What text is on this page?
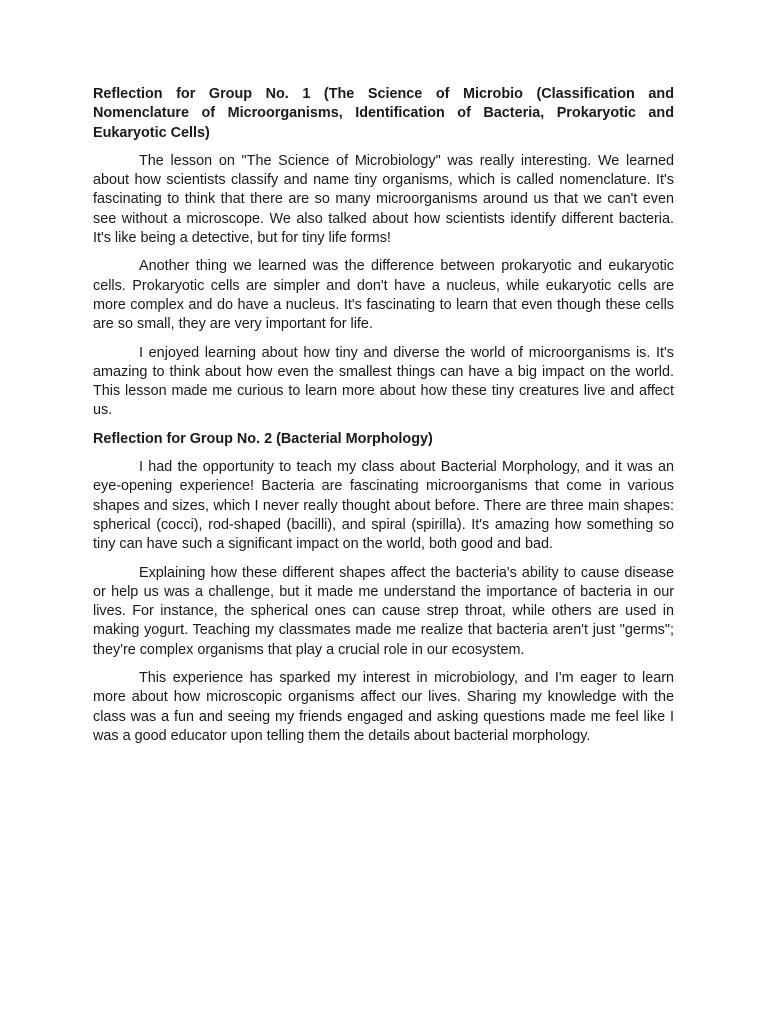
Reflection for Group No. 1 (The Science of Microbio (Classification and Nomenclature of Microorganisms, Identification of Bacteria, Prokaryotic and Eukaryotic Cells)

The lesson on "The Science of Microbiology" was really interesting. We learned about how scientists classify and name tiny organisms, which is called nomenclature. It's fascinating to think that there are so many microorganisms around us that we can't even see without a microscope. We also talked about how scientists identify different bacteria. It's like being a detective, but for tiny life forms!

Another thing we learned was the difference between prokaryotic and eukaryotic cells. Prokaryotic cells are simpler and don't have a nucleus, while eukaryotic cells are more complex and do have a nucleus. It's fascinating to learn that even though these cells are so small, they are very important for life.

I enjoyed learning about how tiny and diverse the world of microorganisms is. It's amazing to think about how even the smallest things can have a big impact on the world. This lesson made me curious to learn more about how these tiny creatures live and affect us.

Reflection for Group No. 2 (Bacterial Morphology)

I had the opportunity to teach my class about Bacterial Morphology, and it was an eye-opening experience! Bacteria are fascinating microorganisms that come in various shapes and sizes, which I never really thought about before. There are three main shapes: spherical (cocci), rod-shaped (bacilli), and spiral (spirilla). It's amazing how something so tiny can have such a significant impact on the world, both good and bad.

Explaining how these different shapes affect the bacteria's ability to cause disease or help us was a challenge, but it made me understand the importance of bacteria in our lives. For instance, the spherical ones can cause strep throat, while others are used in making yogurt. Teaching my classmates made me realize that bacteria aren't just "germs"; they're complex organisms that play a crucial role in our ecosystem.

This experience has sparked my interest in microbiology, and I'm eager to learn more about how microscopic organisms affect our lives. Sharing my knowledge with the class was a fun and seeing my friends engaged and asking questions made me feel like I was a good educator upon telling them the details about bacterial morphology.
